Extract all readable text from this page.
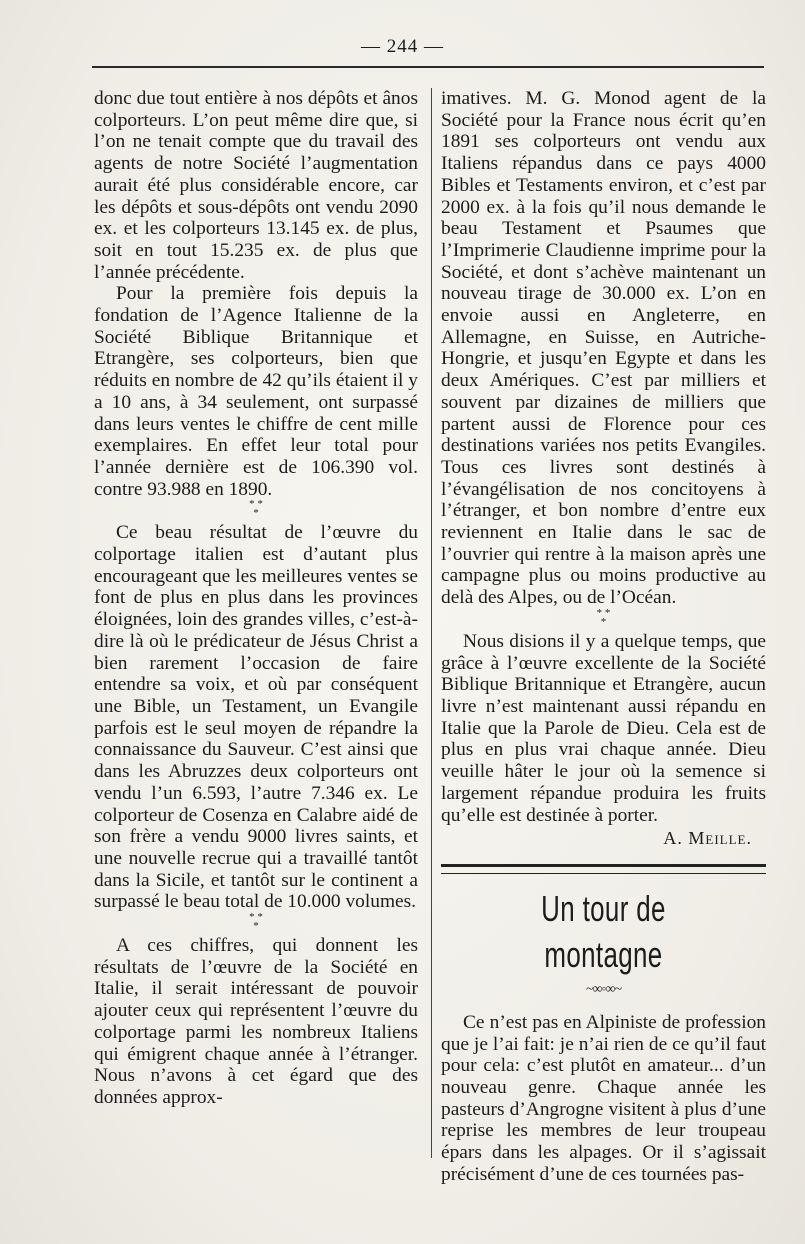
— 244 —

donc due tout entière à nos dépôts et ânos colporteurs. L’on peut même dire que, si l’on ne tenait compte que du travail des agents de notre Société l’augmentation aurait été plus considérable encore, car les dépôts et sous-dépôts ont vendu 2090 ex. et les colporteurs 13.145 ex. de plus, soit en tout 15.235 ex. de plus que l’année précédente.

Pour la première fois depuis la fondation de l’Agence Italienne de la Société Biblique Britannique et Etrangère, ses colporteurs, bien que réduits en nombre de 42 qu’ils étaient il y a 10 ans, à 34 seulement, ont surpassé dans leurs ventes le chiffre de cent mille exemplaires. En effet leur total pour l’année dernière est de 106.390 vol. contre 93.988 en 1890.

* *
*

Ce beau résultat de l’œuvre du colportage italien est d’autant plus encourageant que les meilleures ventes se font de plus en plus dans les provinces éloignées, loin des grandes villes, c’est-à-dire là où le prédicateur de Jésus Christ a bien rarement l’occasion de faire entendre sa voix, et où par conséquent une Bible, un Testament, un Evangile parfois est le seul moyen de répandre la connaissance du Sauveur. C’est ainsi que dans les Abruzzes deux colporteurs ont vendu l’un 6.593, l’autre 7.346 ex. Le colporteur de Cosenza en Calabre aidé de son frère a vendu 9000 livres saints, et une nouvelle recrue qui a travaillé tantôt dans la Sicile, et tantôt sur le continent a surpassé le beau total de 10.000 volumes.

* *
*

A ces chiffres, qui donnent les résultats de l’œuvre de la Société en Italie, il serait intéressant de pouvoir ajouter ceux qui représentent l’œuvre du colportage parmi les nombreux Italiens qui émigrent chaque année à l’étranger. Nous n’avons à cet égard que des données approx-

imatives. M. G. Monod agent de la Société pour la France nous écrit qu’en 1891 ses colporteurs ont vendu aux Italiens répandus dans ce pays 4000 Bibles et Testaments environ, et c’est par 2000 ex. à la fois qu’il nous demande le beau Testament et Psaumes que l’Imprimerie Claudienne imprime pour la Société, et dont s’achève maintenant un nouveau tirage de 30.000 ex. L’on en envoie aussi en Angleterre, en Allemagne, en Suisse, en Autriche-Hongrie, et jusqu’en Egypte et dans les deux Amériques. C’est par milliers et souvent par dizaines de milliers que partent aussi de Florence pour ces destinations variées nos petits Evangiles. Tous ces livres sont destinés à l’évangélisation de nos concitoyens à l’étranger, et bon nombre d’entre eux reviennent en Italie dans le sac de l’ouvrier qui rentre à la maison après une campagne plus ou moins productive au delà des Alpes, ou de l’Océan.

* *
*

Nous disions il y a quelque temps, que grâce à l’œuvre excellente de la Société Biblique Britannique et Etrangère, aucun livre n’est maintenant aussi répandu en Italie que la Parole de Dieu. Cela est de plus en plus vrai chaque année. Dieu veuille hâter le jour où la semence si largement répandue produira les fruits qu’elle est destinée à porter.

A. Meille.

Un tour de montagne

~∞◦∞~

Ce n’est pas en Alpiniste de profession que je l’ai fait: je n’ai rien de ce qu’il faut pour cela: c’est plutôt en amateur... d’un nouveau genre. Chaque année les pasteurs d’Angrogne visitent à plus d’une reprise les membres de leur troupeau épars dans les alpages. Or il s’agissait précisément d’une de ces tournées pas-
